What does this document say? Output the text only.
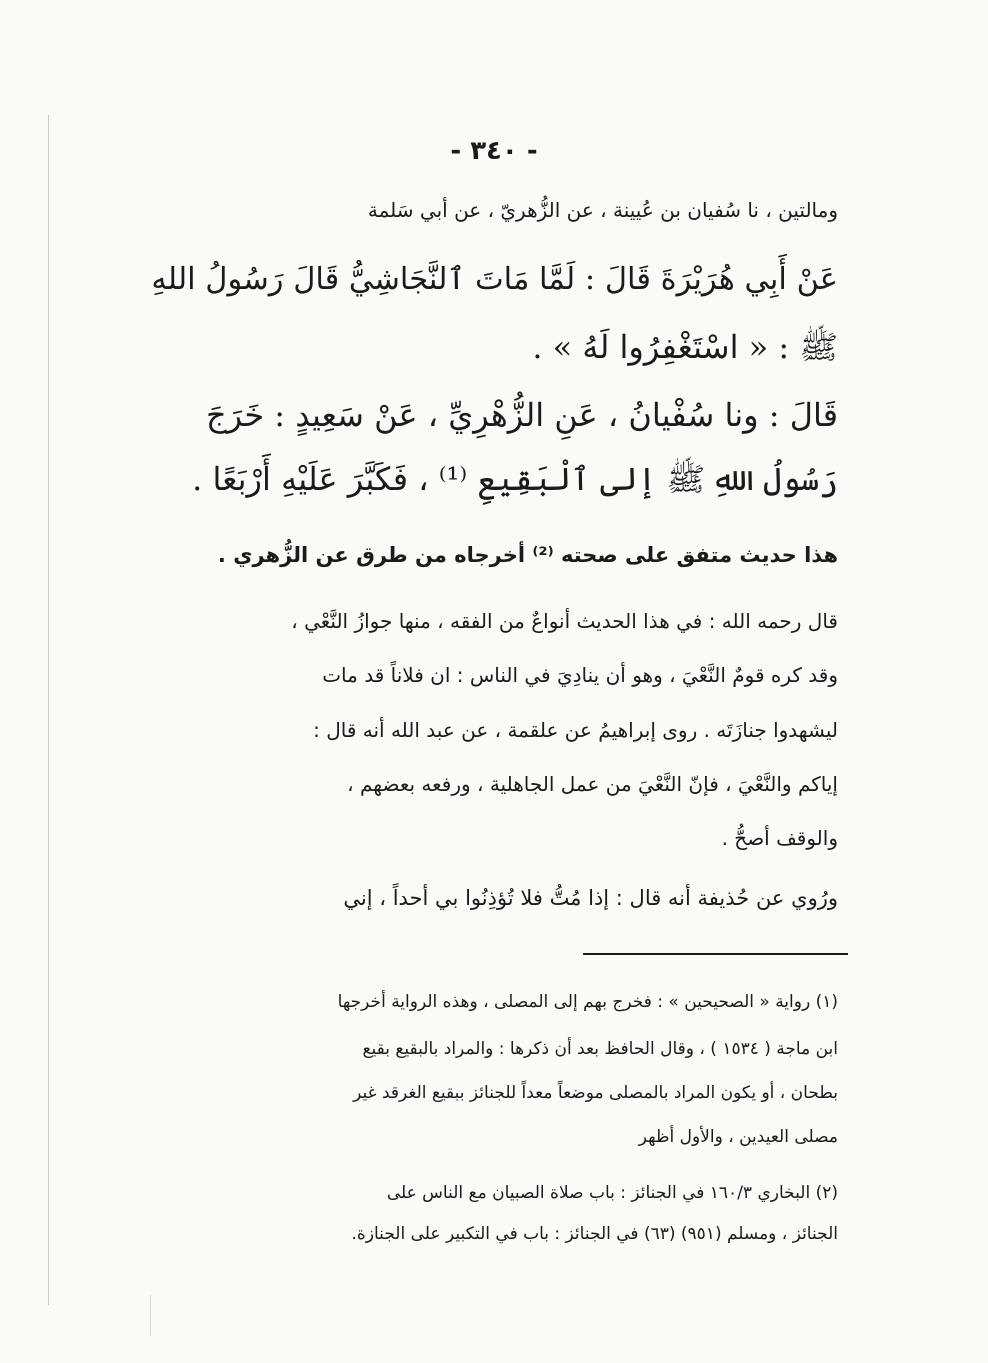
- ٣٤٠ -
ومالتين ، نا سُفيان بن عُيينة ، عن الزُّهريّ ، عن أبي سَلمة
عَنْ أَبِي هُرَيْرَةَ قَالَ : لَمَّا مَاتَ ٱلنَّجَاشِيُّ قَالَ رَسُولُ اللهِ
ﷺ : « اسْتَغْفِرُوا لَهُ » .
قَالَ : ونا سُفْيانُ ، عَنِ الزُّهْرِيِّ ، عَنْ سَعِيدٍ : خَرَجَ
رَسُولُ اللهِ ﷺ إلى ٱلْبَقِيعِ ⁽¹⁾ ، فَكَبَّرَ عَلَيْهِ أَرْبَعًا .
هذا حديث متفق على صحته ⁽²⁾ أخرجاه من طرق عن الزُّهري .
قال رحمه الله : في هذا الحديث أنواعٌ من الفقه ، منها جوازُ النَّعْي ،
وقد كره قومٌ النَّعْيَ ، وهو أن ينادِيَ في الناس : ان فلاناً قد مات
ليشهدوا جنازَتَه . روى إبراهيمُ عن علقمة ، عن عبد الله أنه قال :
إياكم والنَّعْيَ ، فإنّ النَّعْيَ من عمل الجاهلية ، ورفعه بعضهم ،
والوقف أصحُّ .
ورُوي عن حُذيفة أنه قال : إذا مُتُّ فلا تُؤذِنُوا بي أحداً ، إني
(١) رواية « الصحيحين » : فخرج بهم إلى المصلى ، وهذه الرواية أخرجها
ابن ماجة ( ١٥٣٤ ) ، وقال الحافظ بعد أن ذكرها : والمراد بالبقيع بقيع
بطحان ، أو يكون المراد بالمصلى موضعاً معداً للجنائز ببقيع الغرقد غير
مصلى العيدين ، والأول أظهر
(٢) البخاري ١٦٠/٣ في الجنائز : باب صلاة الصبيان مع الناس على
الجنائز ، ومسلم (٩٥١) (٦٣) في الجنائز : باب في التكبير على الجنازة.
